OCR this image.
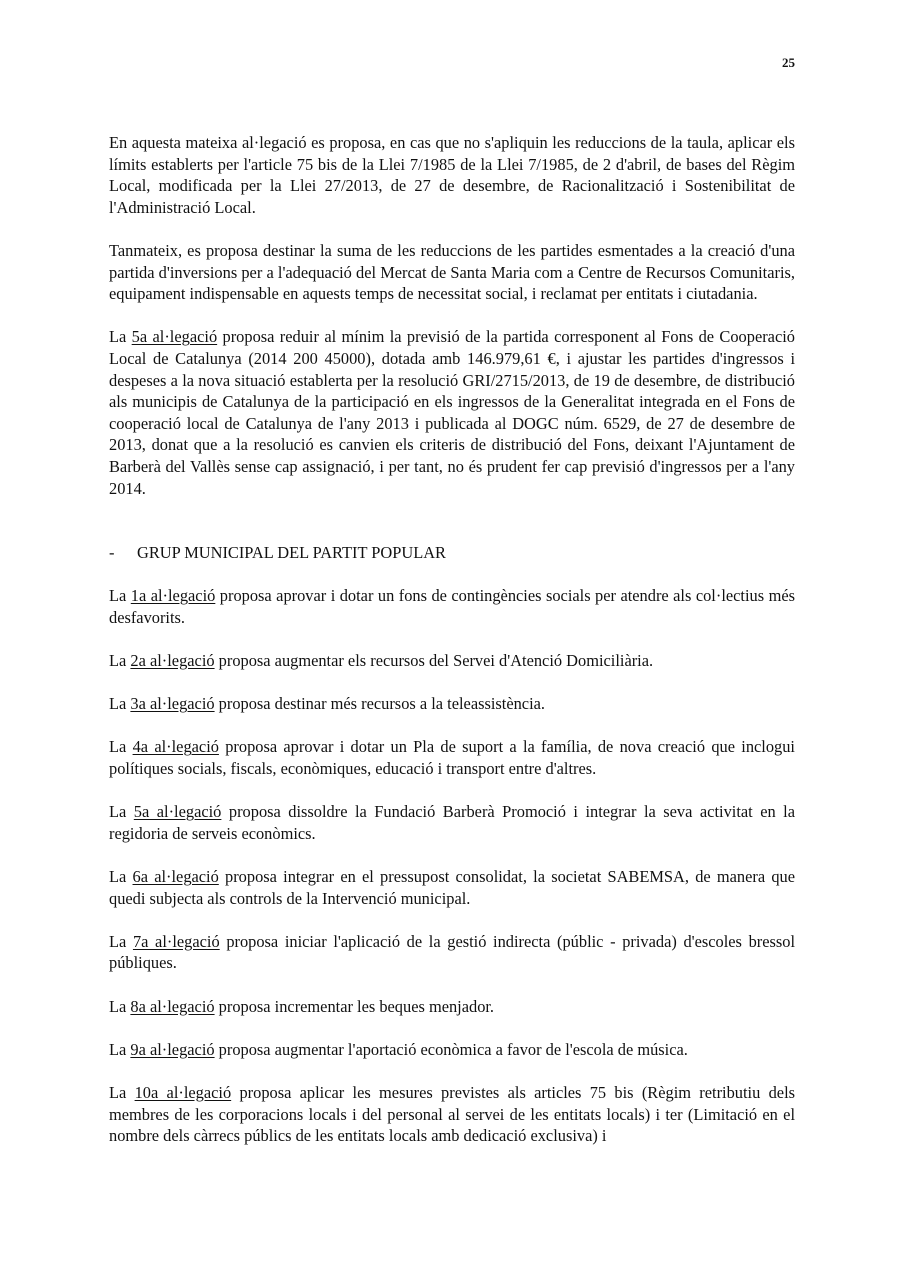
25

En aquesta mateixa al·legació es proposa, en cas que no s'apliquin les reduccions de la taula, aplicar els límits establerts per l'article 75 bis de la Llei 7/1985 de la Llei 7/1985, de 2 d'abril, de bases del Règim Local, modificada per la Llei 27/2013, de 27 de desembre, de Racionalització i Sostenibilitat de l'Administració Local.

Tanmateix, es proposa destinar la suma de les reduccions de les partides esmentades a la creació d'una partida d'inversions per a l'adequació del Mercat de Santa Maria com a Centre de Recursos Comunitaris, equipament indispensable en aquests temps de necessitat social, i reclamat per entitats i ciutadania.

La 5a al·legació proposa reduir al mínim la previsió de la partida corresponent al Fons de Cooperació Local de Catalunya (2014 200 45000), dotada amb 146.979,61 €, i ajustar les partides d'ingressos i despeses a la nova situació establerta per la resolució GRI/2715/2013, de 19 de desembre, de distribució als municipis de Catalunya de la participació en els ingressos de la Generalitat integrada en el Fons de cooperació local de Catalunya de l'any 2013 i publicada al DOGC núm. 6529, de 27 de desembre de 2013, donat que a la resolució es canvien els criteris de distribució del Fons, deixant l'Ajuntament de Barberà del Vallès sense cap assignació, i per tant, no és prudent fer cap previsió d'ingressos per a l'any 2014.

- GRUP MUNICIPAL DEL PARTIT POPULAR

La 1a al·legació proposa aprovar i dotar un fons de contingències socials per atendre als col·lectius més desfavorits.

La 2a al·legació proposa augmentar els recursos del Servei d'Atenció Domiciliària.

La 3a al·legació proposa destinar més recursos a la teleassistència.

La 4a al·legació proposa aprovar i dotar un Pla de suport a la família, de nova creació que inclogui polítiques socials, fiscals, econòmiques, educació i transport entre d'altres.

La 5a al·legació proposa dissoldre la Fundació Barberà Promoció i integrar la seva activitat en la regidoria de serveis econòmics.

La 6a al·legació proposa integrar en el pressupost consolidat, la societat SABEMSA, de manera que quedi subjecta als controls de la Intervenció municipal.

La 7a al·legació proposa iniciar l'aplicació de la gestió indirecta (públic - privada) d'escoles bressol públiques.

La 8a al·legació proposa incrementar les beques menjador.

La 9a al·legació proposa augmentar l'aportació econòmica a favor de l'escola de música.

La 10a al·legació proposa aplicar les mesures previstes als articles 75 bis (Règim retributiu dels membres de les corporacions locals i del personal al servei de les entitats locals) i ter (Limitació en el nombre dels càrrecs públics de les entitats locals amb dedicació exclusiva) i
